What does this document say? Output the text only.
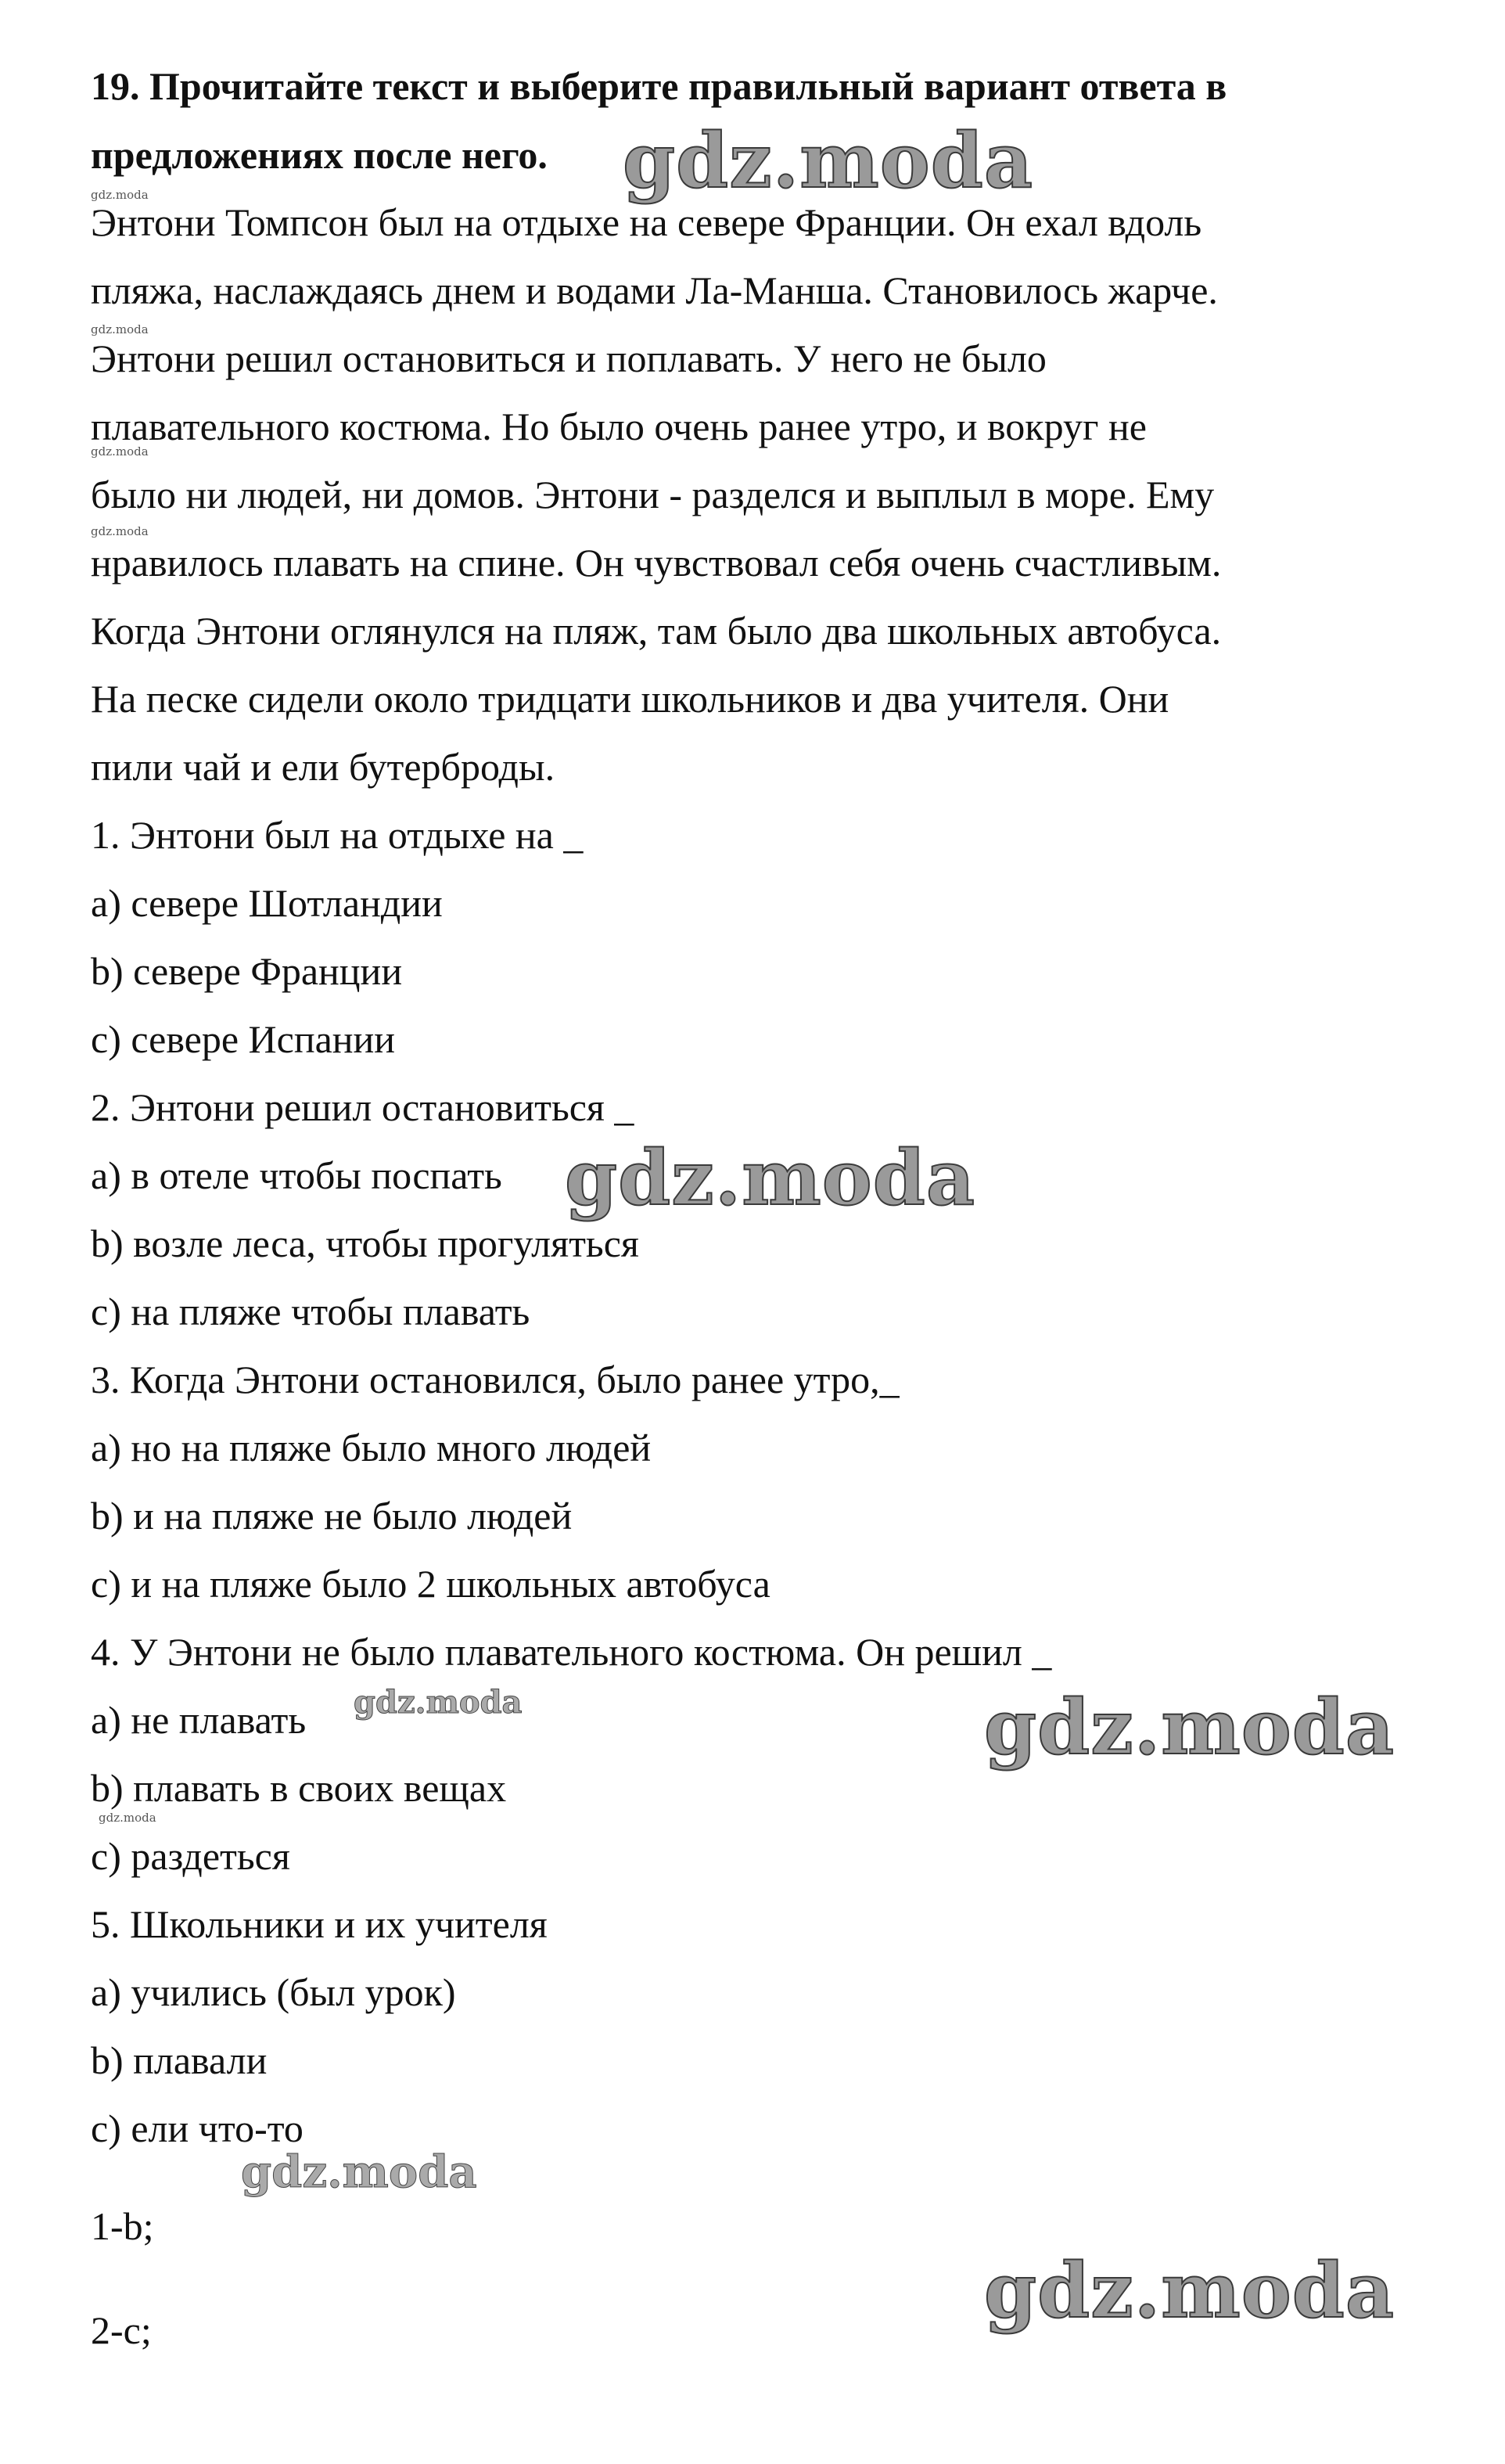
19. Прочитайте текст и выберите правильный вариант ответа в
предложениях после него.
Энтони Томпсон был на отдыхе на севере Франции. Он ехал вдоль
пляжа, наслаждаясь днем и водами Ла-Манша. Становилось жарче.
Энтони решил остановиться и поплавать. У него не было
плавательного костюма. Но было очень ранее утро, и вокруг не
было ни людей, ни домов. Энтони - разделся и выплыл в море. Ему
нравилось плавать на спине. Он чувствовал себя очень счастливым.
Когда Энтони оглянулся на пляж, там было два школьных автобуса.
На песке сидели около тридцати школьников и два учителя. Они
пили чай и ели бутерброды.
1. Энтони был на отдыхе на _
a) севере Шотландии
b) севере Франции
c) севере Испании
2. Энтони решил остановиться _
a) в отеле чтобы поспать
b) возле леса, чтобы прогуляться
c) на пляже чтобы плавать
3. Когда Энтони остановился, было ранее утро,_
a) но на пляже было много людей
b) и на пляже не было людей
c) и на пляже было 2 школьных автобуса
4. У Энтони не было плавательного костюма. Он решил _
a) не плавать
b) плавать в своих вещах
c) раздеться
5. Школьники и их учителя
a) учились (был урок)
b) плавали
c) ели что-то
1-b;
2-c;
gdz.moda
gdz.moda
gdz.moda
gdz.moda
gdz.moda
gdz.moda
gdz.moda
gdz.moda
gdz.moda
gdz.moda
gdz.moda
